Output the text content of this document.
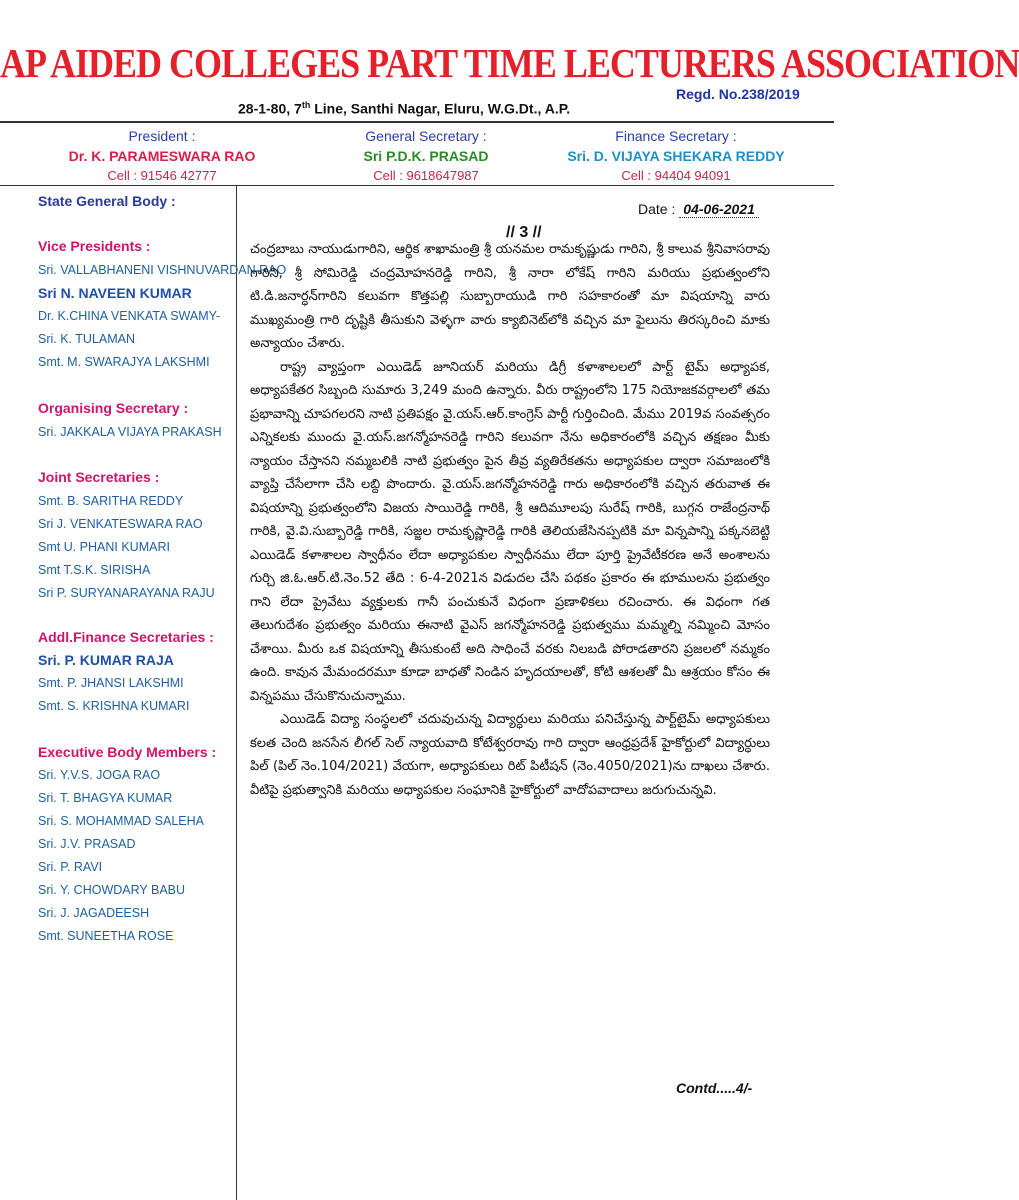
AP AIDED COLLEGES PART TIME LECTURERS ASSOCIATION
Regd. No.238/2019
28-1-80, 7th Line, Santhi Nagar, Eluru, W.G.Dt., A.P.
President :
Dr. K. PARAMESWARA RAO
Cell : 91546 42777
General Secretary :
Sri P.D.K. PRASAD
Cell : 9618647987
Finance Secretary :
Sri. D. VIJAYA SHEKARA REDDY
Cell : 94404 94091
State General Body :
Vice Presidents :
Sri. VALLABHANENI VISHNUVARDAN RAO
Sri N. NAVEEN KUMAR
Dr. K.CHINA VENKATA SWAMY-
Sri. K. TULAMAN
Smt. M. SWARAJYA LAKSHMI
Organising Secretary :
Sri. JAKKALA VIJAYA PRAKASH
Joint Secretaries :
Smt. B. SARITHA REDDY
Sri J. VENKATESWARA RAO
Smt U. PHANI KUMARI
Smt T.S.K. SIRISHA
Sri P. SURYANARAYANA RAJU
Addl.Finance Secretaries :
Sri. P. KUMAR RAJA
Smt. P. JHANSI LAKSHMI
Smt. S. KRISHNA KUMARI
Executive Body Members :
Sri. Y.V.S. JOGA RAO
Sri. T. BHAGYA KUMAR
Sri. S. MOHAMMAD SALEHA
Sri. J.V. PRASAD
Sri. P. RAVI
Sri. Y. CHOWDARY BABU
Sri. J. JAGADEESH
Smt. SUNEETHA ROSE
Date : 04-06-2021
// 3 //

చంద్రబాబు నాయుడుగారిని, ఆర్థిక శాఖామంత్రి శ్రీ యనమల రామకృష్ణుడు గారిని, శ్రీ కాలువ శ్రీనివాసరావు గారిని, శ్రీ సోమిరెడ్డి చంద్రమోహనరెడ్డి గారిని, శ్రీ నారా లోకేష్ గారిని మరియు ప్రభుత్వంలోని టి.డి.జనార్ధన్‌గారిని కలువగా కొత్తపల్లి సుబ్బారాయుడి గారి సహకారంతో మా విషయాన్ని వారు ముఖ్యమంత్రి గారి దృష్టికి తీసుకుని వెళ్ళగా వారు క్యాబినెట్‌లోకి వచ్చిన మా ఫైలును తిరస్కరించి మాకు అన్యాయం చేశారు.

రాష్ట్ర వ్యాప్తంగా ఎయిడెడ్ జూనియర్ మరియు డిగ్రీ కళాశాలలలో పార్ట్ టైమ్ అధ్యాపక, అధ్యాపకేతర సిబ్బంది సుమారు 3,249 మంది ఉన్నారు. వీరు రాష్ట్రంలోని 175 నియోజకవర్గాలలో తమ ప్రభావాన్ని చూపగలరని నాటి ప్రతిపక్షం వై.యస్.ఆర్.కాంగ్రెస్ పార్టీ గుర్తించింది. మేము 2019వ సంవత్సరం ఎన్నికలకు ముందు వై.యస్.జగన్మోహనరెడ్డి గారిని కలువగా నేను అధికారంలోకి వచ్చిన తక్షణం మీకు న్యాయం చేస్తానని నమ్మబలికి నాటి ప్రభుత్వం పైన తీవ్ర వ్యతిరేకతను అధ్యాపకుల ద్వారా సమాజంలోకి వ్యాప్తి చేసేలాగా చేసి లబ్ది పొందారు. వై.యస్.జగన్మోహనరెడ్డి గారు అధికారంలోకి వచ్చిన తరువాత ఈ విషయాన్ని ప్రభుత్వంలోని విజయ సాయిరెడ్డి గారికి, శ్రీ ఆదిమూలపు సురేష్ గారికి, బుగ్గన రాజేంద్రనాథ్ గారికి, వై.వి.సుబ్బారెడ్డి గారికి, సజ్జల రామకృష్ణారెడ్డి గారికి తెలియజేసినప్పటికి మా విన్నపాన్ని పక్కనబెట్టి ఎయిడెడ్ కళాశాలల స్వాధీనం లేదా అధ్యాపకుల స్వాధీనము లేదా పూర్తి ప్రైవేటీకరణ అనే అంశాలను గుర్చి జి.ఓ.ఆర్.టి.నెం.52 తేది : 6-4-2021న విడుదల చేసి పథకం ప్రకారం ఈ భూములను ప్రభుత్వం గాని లేదా ప్రైవేటు వ్యక్తులకు గానీ పంచుకునే విధంగా ప్రణాళికలు రచించారు. ఈ విధంగా గత తెలుగుదేశం ప్రభుత్వం మరియు ఈనాటి వైఎస్ జగన్మోహనరెడ్డి ప్రభుత్వము మమ్మల్ని నమ్మించి మోసం చేశాయి. మీరు ఒక విషయాన్ని తీసుకుంటే అది సాధించే వరకు నిలబడి పోరాడతారని ప్రజలలో నమ్మకం ఉంది. కావున మేమందరమూ కూడా బాధతో నిండిన హృదయాలతో, కోటి ఆశలతో మీ ఆశ్రయం కోసం ఈ విన్నపము చేసుకొనుచున్నాము.

ఎయిడెడ్ విద్యా సంస్థలలో చదువుచున్న విద్యార్ధులు మరియు పనిచేస్తున్న పార్ట్‌టైమ్ అధ్యాపకులు కలత చెంది జనసేన లీగల్ సెల్ న్యాయవాది కోటేశ్వరరావు గారి ద్వారా ఆంధ్రప్రదేశ్ హైకోర్టులో విద్యార్ధులు పిల్ (పిల్ నెం.104/2021) వేయగా, అధ్యాపకులు రిట్ పిటీషన్ (నెం.4050/2021)ను దాఖలు చేశారు. వీటిపై ప్రభుత్వానికి మరియు అధ్యాపకుల సంఘానికి హైకోర్టులో వాదోపవాదాలు జరుగుచున్నవి.

Contd.....4/-
